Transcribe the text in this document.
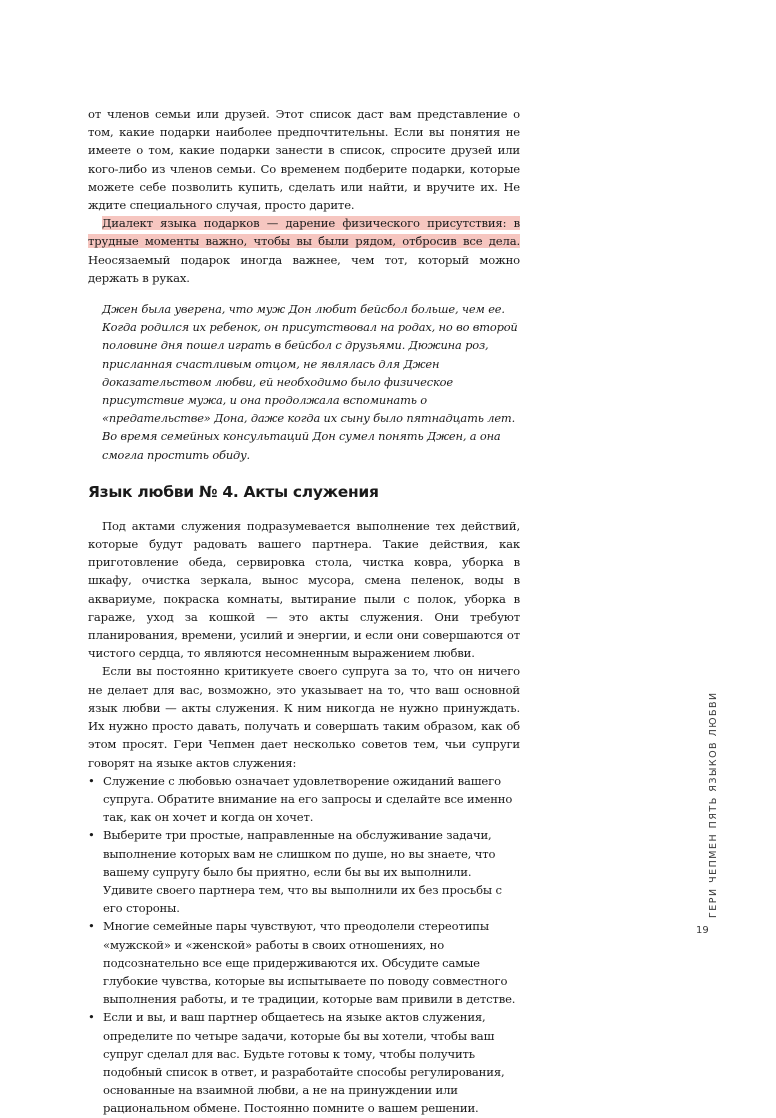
от членов семьи или друзей. Этот список даст вам представление о том, какие подарки наиболее предпочтительны. Если вы понятия не имеете о том, какие подарки занести в список, спросите друзей или кого-либо из членов семьи. Со временем подберите подарки, которые можете себе позволить купить, сделать или найти, и вручите их. Не ждите специального случая, просто дарите.

Диалект языка подарков — дарение физического присутствия: в трудные моменты важно, чтобы вы были рядом, отбросив все дела. Неосязаемый подарок иногда важнее, чем тот, который можно держать в руках.

Джен была уверена, что муж Дон любит бейсбол больше, чем ее. Когда родился их ребенок, он присутствовал на родах, но во второй половине дня пошел играть в бейсбол с друзьями. Дюжина роз, присланная счастливым отцом, не являлась для Джен доказательством любви, ей необходимо было физическое присутствие мужа, и она продолжала вспоминать о «предательстве» Дона, даже когда их сыну было пятнадцать лет. Во время семейных консультаций Дон сумел понять Джен, а она смогла простить обиду.

Язык любви № 4. Акты служения

Под актами служения подразумевается выполнение тех действий, которые будут радовать вашего партнера. Такие действия, как приготовление обеда, сервировка стола, чистка ковра, уборка в шкафу, очистка зеркала, вынос мусора, смена пеленок, воды в аквариуме, покраска комнаты, вытирание пыли с полок, уборка в гараже, уход за кошкой — это акты служения. Они требуют планирования, времени, усилий и энергии, и если они совершаются от чистого сердца, то являются несомненным выражением любви.

Если вы постоянно критикуете своего супруга за то, что он ничего не делает для вас, возможно, это указывает на то, что ваш основной язык любви — акты служения. К ним никогда не нужно принуждать. Их нужно просто давать, получать и совершать таким образом, как об этом просят. Гери Чепмен дает несколько советов тем, чьи супруги говорят на языке актов служения:

• Служение с любовью означает удовлетворение ожиданий вашего супруга. Обратите внимание на его запросы и сделайте все именно так, как он хочет и когда он хочет.
• Выберите три простые, направленные на обслуживание задачи, выполнение которых вам не слишком по душе, но вы знаете, что вашему супругу было бы приятно, если бы вы их выполнили. Удивите своего партнера тем, что вы выполнили их без просьбы с его стороны.
• Многие семейные пары чувствуют, что преодолели стереотипы «мужской» и «женской» работы в своих отношениях, но подсознательно все еще придерживаются их. Обсудите самые глубокие чувства, которые вы испытываете по поводу совместного выполнения работы, и те традиции, которые вам привили в детстве.
• Если и вы, и ваш партнер общаетесь на языке актов служения, определите по четыре задачи, которые бы вы хотели, чтобы ваш супруг сделал для вас. Будьте готовы к тому, чтобы получить подобный список в ответ, и разработайте способы регулирования, основанные на взаимной любви, а не на принуждении или рациональном обмене. Постоянно помните о вашем решении.
ГЕРИ ЧЕПМЕН ПЯТЬ ЯЗЫКОВ ЛЮБВИ
19
